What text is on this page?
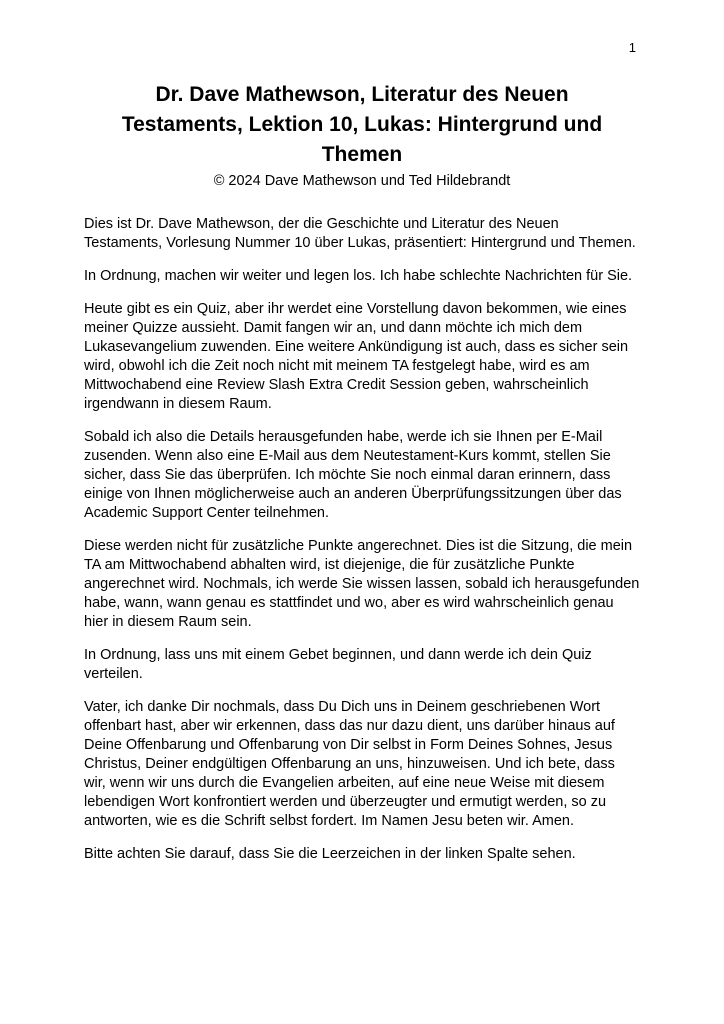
1
Dr. Dave Mathewson, Literatur des Neuen Testaments, Lektion 10, Lukas: Hintergrund und Themen
© 2024 Dave Mathewson und Ted Hildebrandt

Dies ist Dr. Dave Mathewson, der die Geschichte und Literatur des Neuen Testaments, Vorlesung Nummer 10 über Lukas, präsentiert: Hintergrund und Themen.

In Ordnung, machen wir weiter und legen los. Ich habe schlechte Nachrichten für Sie.

Heute gibt es ein Quiz, aber ihr werdet eine Vorstellung davon bekommen, wie eines meiner Quizze aussieht. Damit fangen wir an, und dann möchte ich mich dem Lukasevangelium zuwenden. Eine weitere Ankündigung ist auch, dass es sicher sein wird, obwohl ich die Zeit noch nicht mit meinem TA festgelegt habe, wird es am Mittwochabend eine Review Slash Extra Credit Session geben, wahrscheinlich irgendwann in diesem Raum.

Sobald ich also die Details herausgefunden habe, werde ich sie Ihnen per E-Mail zusenden. Wenn also eine E-Mail aus dem Neutestament-Kurs kommt, stellen Sie sicher, dass Sie das überprüfen. Ich möchte Sie noch einmal daran erinnern, dass einige von Ihnen möglicherweise auch an anderen Überprüfungssitzungen über das Academic Support Center teilnehmen.

Diese werden nicht für zusätzliche Punkte angerechnet. Dies ist die Sitzung, die mein TA am Mittwochabend abhalten wird, ist diejenige, die für zusätzliche Punkte angerechnet wird. Nochmals, ich werde Sie wissen lassen, sobald ich herausgefunden habe, wann, wann genau es stattfindet und wo, aber es wird wahrscheinlich genau hier in diesem Raum sein.

In Ordnung, lass uns mit einem Gebet beginnen, und dann werde ich dein Quiz verteilen.

Vater, ich danke Dir nochmals, dass Du Dich uns in Deinem geschriebenen Wort offenbart hast, aber wir erkennen, dass das nur dazu dient, uns darüber hinaus auf Deine Offenbarung und Offenbarung von Dir selbst in Form Deines Sohnes, Jesus Christus, Deiner endgültigen Offenbarung an uns, hinzuweisen. Und ich bete, dass wir, wenn wir uns durch die Evangelien arbeiten, auf eine neue Weise mit diesem lebendigen Wort konfrontiert werden und überzeugter und ermutigt werden, so zu antworten, wie es die Schrift selbst fordert. Im Namen Jesu beten wir. Amen.

Bitte achten Sie darauf, dass Sie die Leerzeichen in der linken Spalte sehen.
